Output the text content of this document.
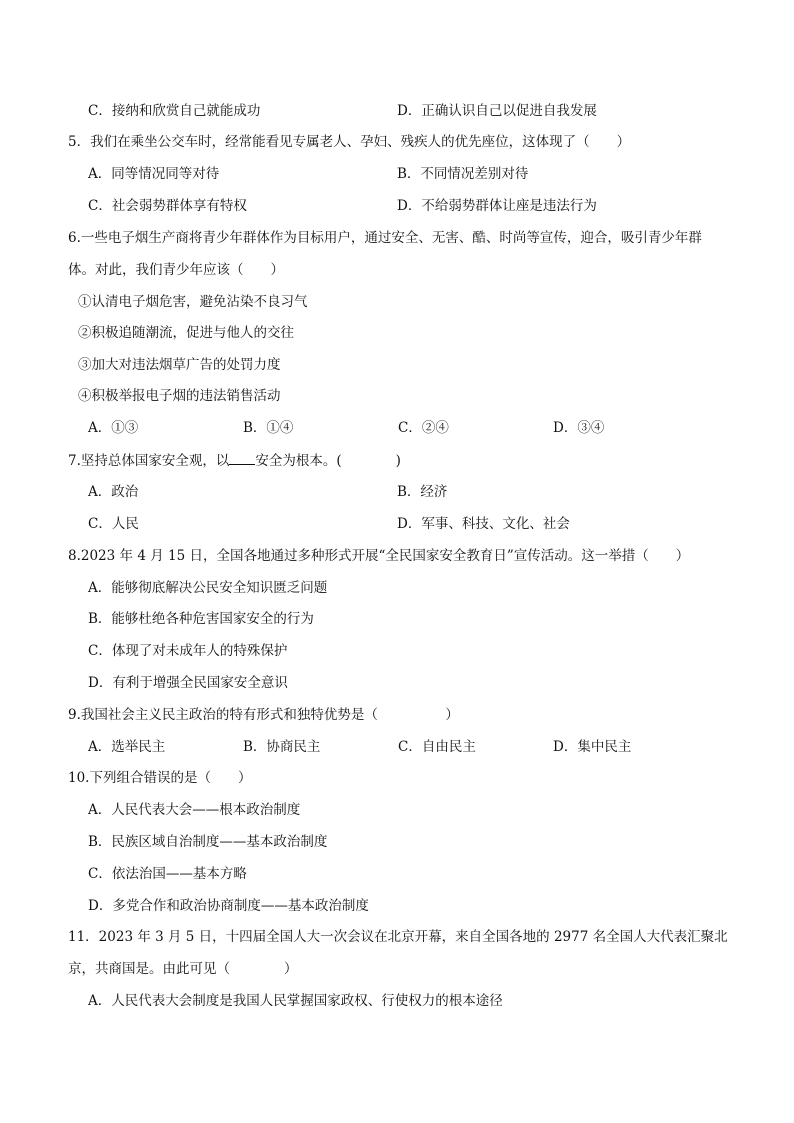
C．接纳和欣赏自己就能成功	D．正确认识自己以促进自我发展
5．我们在乘坐公交车时，经常能看见专属老人、孕妇、残疾人的优先座位，这体现了（　　）
A．同等情况同等对待	B．不同情况差别对待
C．社会弱势群体享有特权	D．不给弱势群体让座是违法行为
6.一些电子烟生产商将青少年群体作为目标用户，通过安全、无害、酷、时尚等宣传，迎合，吸引青少年群
体。对此，我们青少年应该（　　）
①认清电子烟危害，避免沾染不良习气
②积极追随潮流，促进与他人的交往
③加大对违法烟草广告的处罚力度
④积极举报电子烟的违法销售活动
A．①③	B．①④	C．②④	D．③④
7.坚持总体国家安全观，以 安全为根本。(　　　　)
A．政治	B．经济
C．人民	D．军事、科技、文化、社会
8.2023 年 4 月 15 日，全国各地通过多种形式开展“全民国家安全教育日”宣传活动。这一举措（　　）
A．能够彻底解决公民安全知识匮乏问题
B．能够杜绝各种危害国家安全的行为
C．体现了对未成年人的特殊保护
D．有利于增强全民国家安全意识
9.我国社会主义民主政治的特有形式和独特优势是（　　　　　）
A．选举民主	B．协商民主	C．自由民主	D．集中民主
10.下列组合错误的是（　　）
A．人民代表大会——根本政治制度
B．民族区域自治制度——基本政治制度
C．依法治国——基本方略
D．多党合作和政治协商制度——基本政治制度
11．2023 年 3 月 5 日，十四届全国人大一次会议在北京开幕，来自全国各地的 2977 名全国人大代表汇聚北
京，共商国是。由此可见（　　　　）
A．人民代表大会制度是我国人民掌握国家政权、行使权力的根本途径
